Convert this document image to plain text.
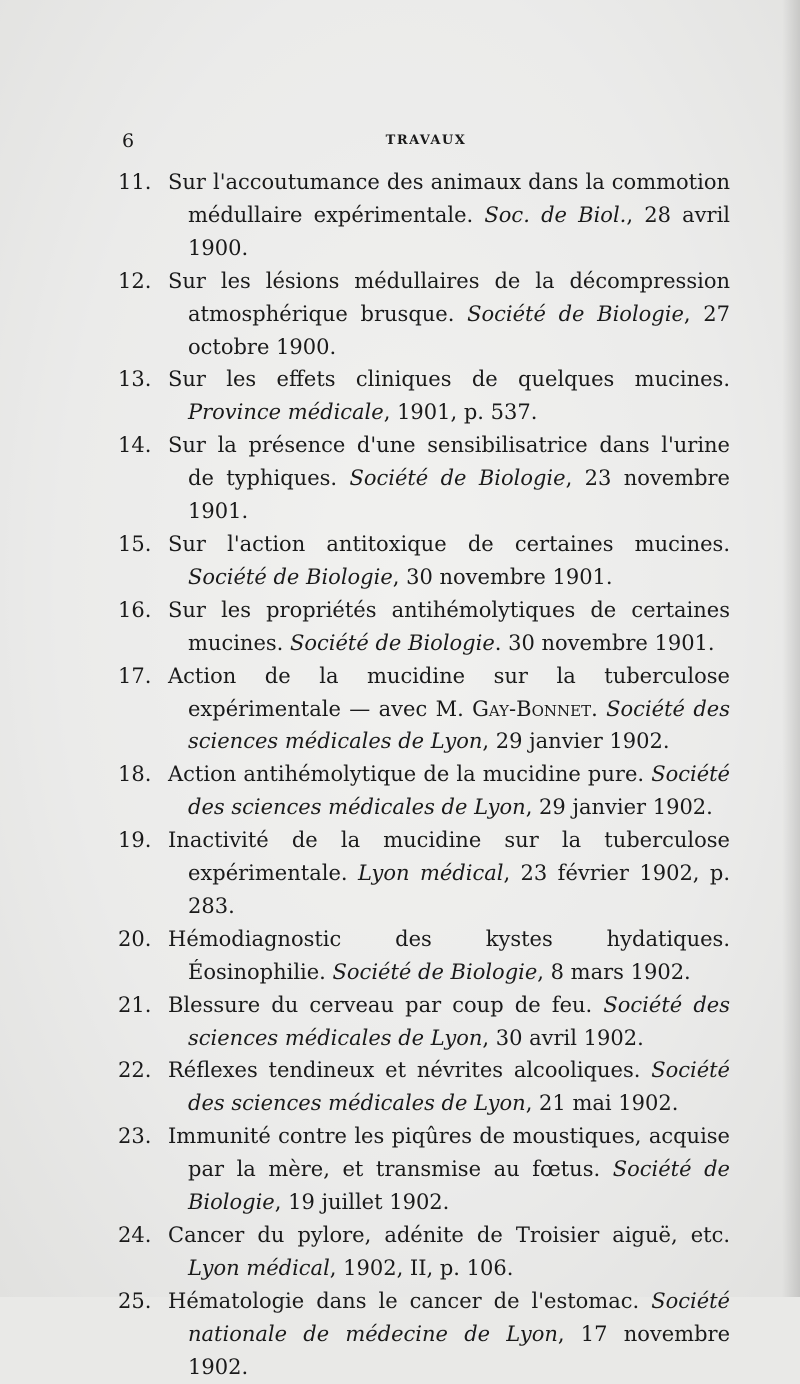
6	TRAVAUX
11. Sur l'accoutumance des animaux dans la commotion médullaire expérimentale. Soc. de Biol., 28 avril 1900.
12. Sur les lésions médullaires de la décompression atmosphérique brusque. Société de Biologie, 27 octobre 1900.
13. Sur les effets cliniques de quelques mucines. Province médicale, 1901, p. 537.
14. Sur la présence d'une sensibilisatrice dans l'urine de typhiques. Société de Biologie, 23 novembre 1901.
15. Sur l'action antitoxique de certaines mucines. Société de Biologie, 30 novembre 1901.
16. Sur les propriétés antihémolytiques de certaines mucines. Société de Biologie. 30 novembre 1901.
17. Action de la mucidine sur la tuberculose expérimentale — avec M. Gay-Bonnet. Société des sciences médicales de Lyon, 29 janvier 1902.
18. Action antihémolytique de la mucidine pure. Société des sciences médicales de Lyon, 29 janvier 1902.
19. Inactivité de la mucidine sur la tuberculose expérimentale. Lyon médical, 23 février 1902, p. 283.
20. Hémodiagnostic des kystes hydatiques. Éosinophilie. Société de Biologie, 8 mars 1902.
21. Blessure du cerveau par coup de feu. Société des sciences médicales de Lyon, 30 avril 1902.
22. Réflexes tendineux et névrites alcooliques. Société des sciences médicales de Lyon, 21 mai 1902.
23. Immunité contre les piqûres de moustiques, acquise par la mère, et transmise au fœtus. Société de Biologie, 19 juillet 1902.
24. Cancer du pylore, adénite de Troisier aiguë, etc. Lyon médical, 1902, II, p. 106.
25. Hématologie dans le cancer de l'estomac. Société nationale de médecine de Lyon, 17 novembre 1902.
